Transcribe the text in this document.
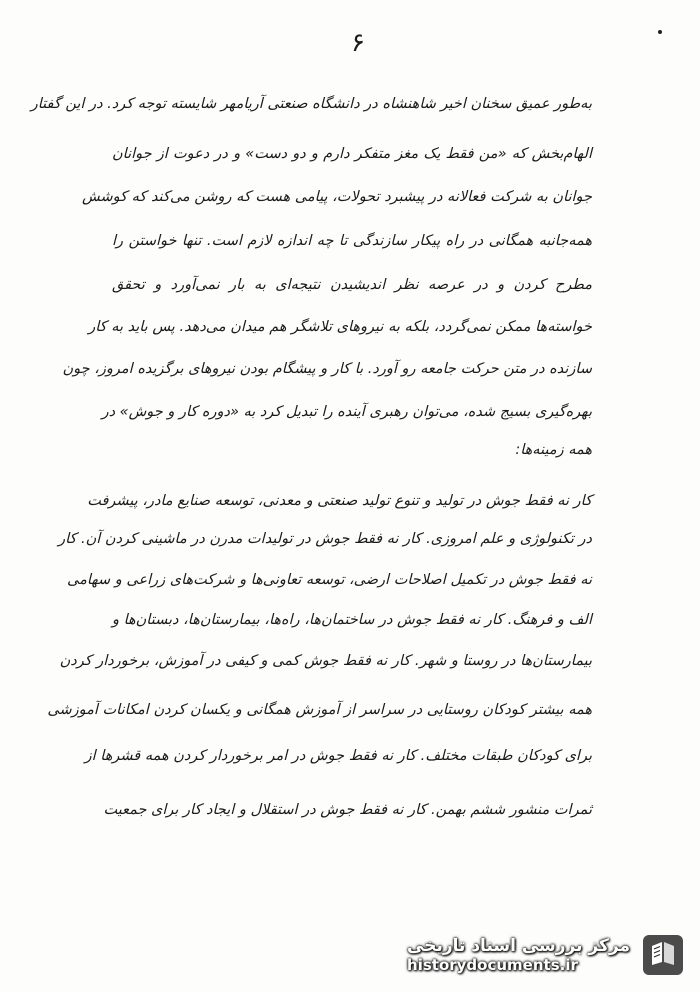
۶
به‌طور عمیق سخنان اخیر شاهنشاه در دانشگاه صنعتی آریامهر شایسته توجه کرد. در این گفتار
الهام‌بخش که «من فقط یک مغز متفکر دارم و دو دست» و در دعوت از جوانان
جوانان به شرکت فعالانه در پیشبرد تحولات، پیامی هست که روشن می‌کند که کوشش
همه‌جانبه همگانی در راه پیکار سازندگی تا چه اندازه لازم است. تنها خواستن را
مطرح کردن و در عرصه نظر اندیشیدن نتیجه‌ای به بار نمی‌آورد و تحقق
خواسته‌ها ممکن نمی‌گردد، بلکه به نیروهای تلاشگر هم میدان می‌دهد. پس باید به کار
سازنده در متن حرکت جامعه رو آورد. با کار و پیشگام بودن نیروهای برگزیده امروز، چون
بهره‌گیری بسیج شده، می‌توان رهبری آینده را تبدیل کرد به «دوره کار و جوش» در
همه زمینه‌ها:
کار نه فقط جوش در تولید و تنوع تولید صنعتی و معدنی، توسعه صنایع مادر، پیشرفت
در تکنولوژی و علم امروزی. کار نه فقط جوش در تولیدات مدرن در ماشینی کردن آن. کار
نه فقط جوش در تکمیل اصلاحات ارضی، توسعه تعاونی‌ها و شرکت‌های زراعی و سهامی
الف و فرهنگ. کار نه فقط جوش در ساختمان‌ها، راه‌ها، بیمارستان‌ها، دبستان‌ها و
بیمارستان‌ها در روستا و شهر. کار نه فقط جوش کمی و کیفی در آموزش، برخوردار کردن
همه بیشتر کودکان روستایی در سراسر از آموزش همگانی و یکسان کردن امکانات آموزشی
برای کودکان طبقات مختلف. کار نه فقط جوش در امر برخوردار کردن همه قشرها از
ثمرات منشور ششم بهمن. کار نه فقط جوش در استقلال و ایجاد کار برای جمعیت
مرکز بررسی اسناد تاریخی
historydocuments.ir
